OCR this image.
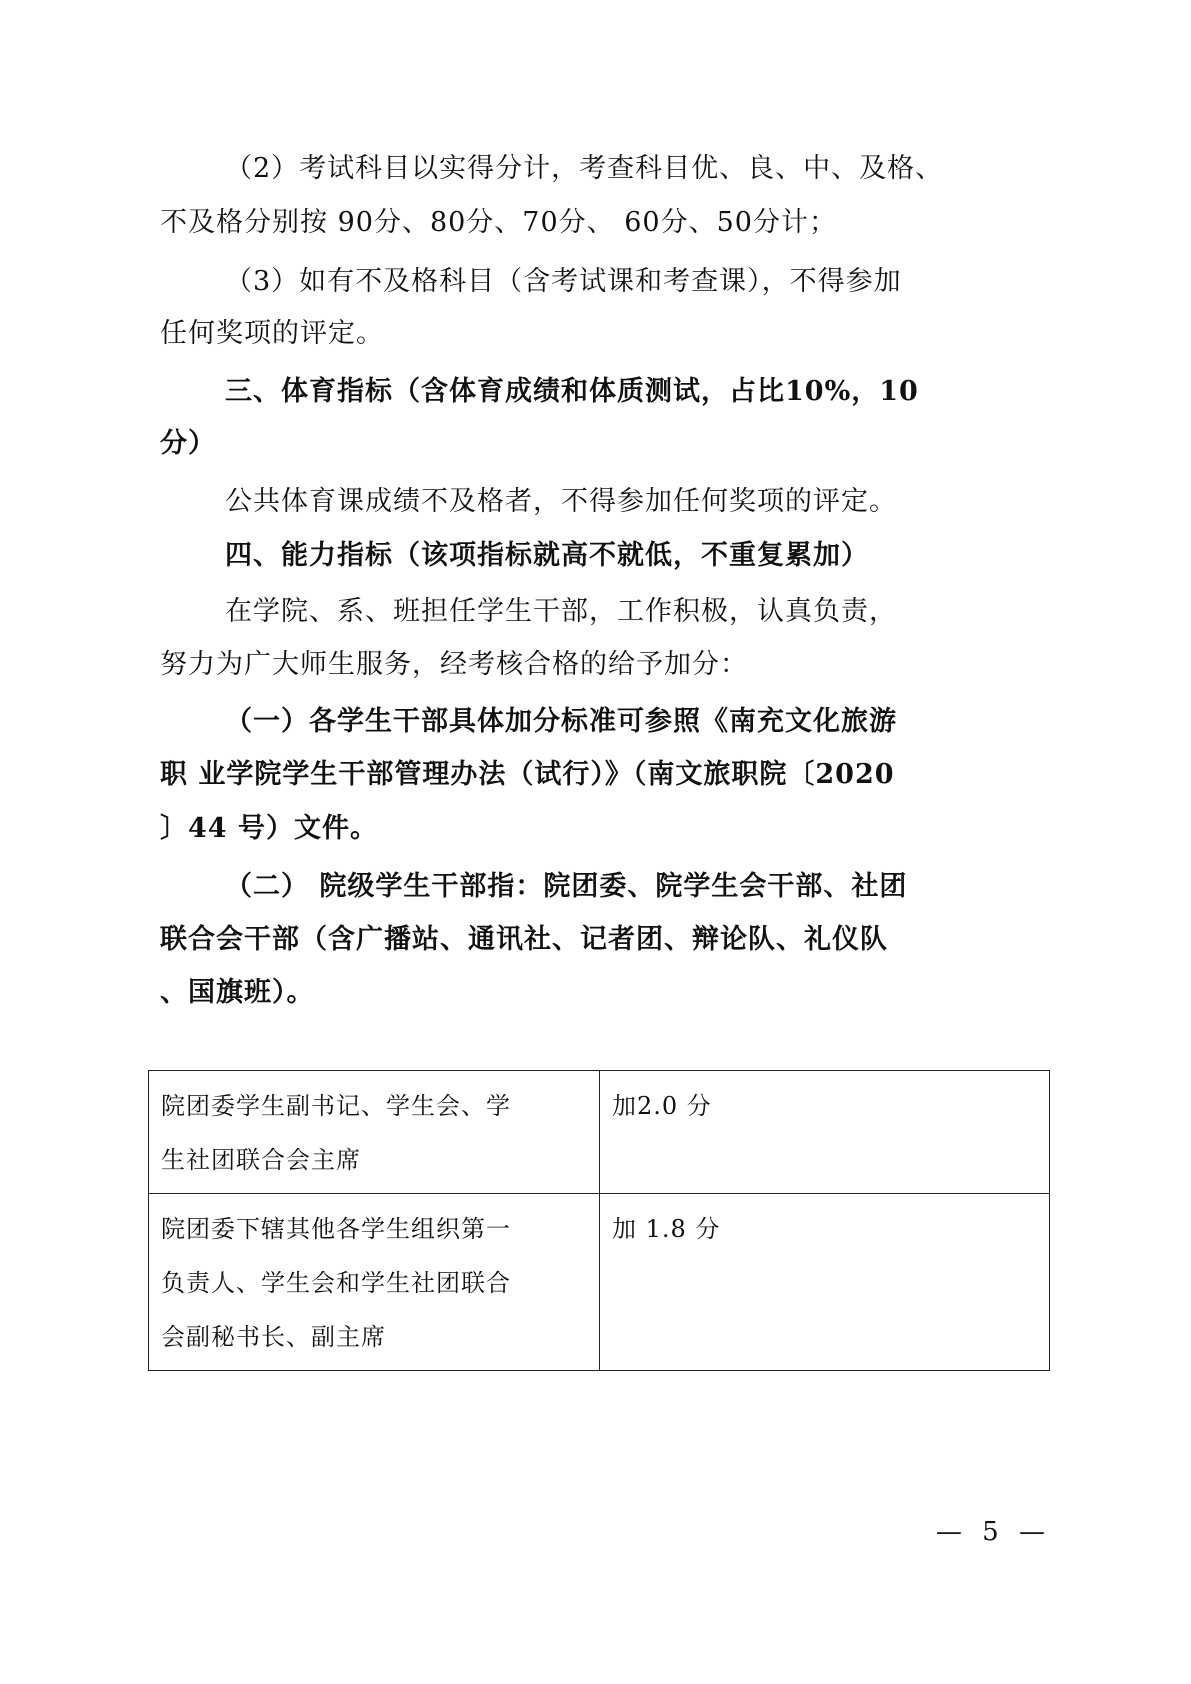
（2）考试科目以实得分计，考查科目优、良、中、及格、
不及格分别按 90分、80分、70分、 60分、50分计；
（3）如有不及格科目（含考试课和考查课），不得参加
任何奖项的评定。
三、体育指标（含体育成绩和体质测试，占比10%，10
分）
公共体育课成绩不及格者，不得参加任何奖项的评定。
四、能力指标（该项指标就高不就低，不重复累加）
在学院、系、班担任学生干部，工作积极，认真负责，
努力为广大师生服务，经考核合格的给予加分：
（一）各学生干部具体加分标准可参照《南充文化旅游
职 业学院学生干部管理办法（试行）》（南文旅职院〔2020
〕44 号）文件。
（二） 院级学生干部指：院团委、院学生会干部、社团
联合会干部（含广播站、通讯社、记者团、辩论队、礼仪队
、国旗班）。
院团委学生副书记、学生会、学
生社团联合会主席	加2.0 分

院团委下辖其他各学生组织第一
负责人、学生会和学生社团联合
会副秘书长、副主席	加 1.8 分
— 5 —
